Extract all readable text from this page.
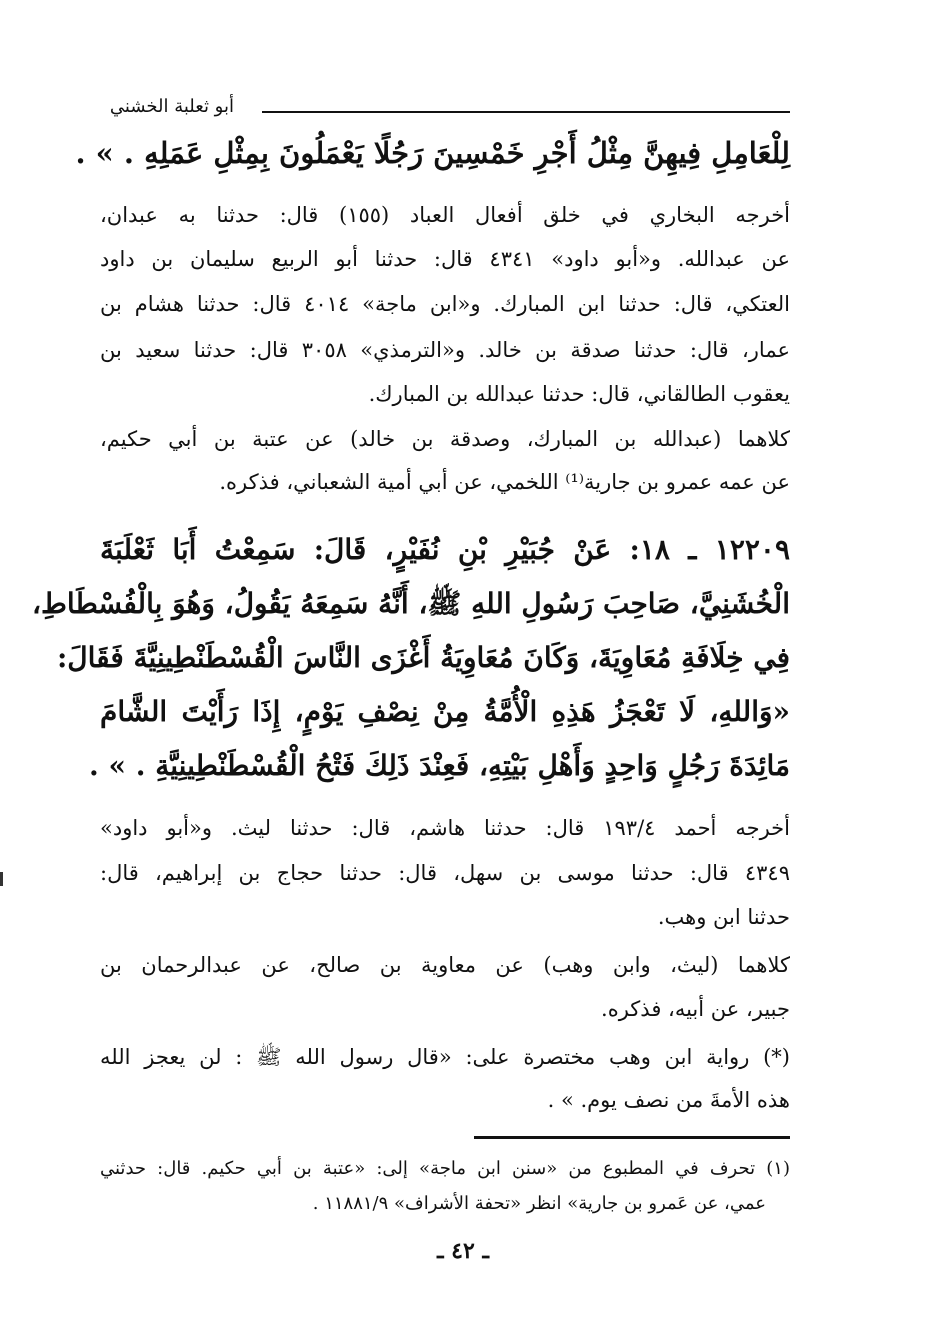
أبو ثعلبة الخشني
لِلْعَامِلِ فِيهِنَّ مِثْلُ أَجْرِ خَمْسِينَ رَجُلًا يَعْمَلُونَ بِمِثْلِ عَمَلِهِ . » .
أخرجه البخاري في خلق أفعال العباد (١٥٥) قال: حدثنا به عبدان،
عن عبدالله. و«أبو داود» ٤٣٤١ قال: حدثنا أبو الربيع سليمان بن داود
العتكي، قال: حدثنا ابن المبارك. و«ابن ماجة» ٤٠١٤ قال: حدثنا هشام بن
عمار، قال: حدثنا صدقة بن خالد. و«الترمذي» ٣٠٥٨ قال: حدثنا سعيد بن
يعقوب الطالقاني، قال: حدثنا عبدالله بن المبارك.
كلاهما (عبدالله بن المبارك، وصدقة بن خالد) عن عتبة بن أبي حكيم،
عن عمه عمرو بن جارية⁽¹⁾ اللخمي، عن أبي أمية الشعباني، فذكره.
١٢٢٠٩ ـ ١٨: عَنْ جُبَيْرِ بْنِ نُفَيْرٍ، قَالَ: سَمِعْتُ أَبَا ثَعْلَبَةَ
الْخُشَنِيَّ، صَاحِبَ رَسُولِ اللهِ ﷺ، أَنَّهُ سَمِعَهُ يَقُولُ، وَهُوَ بِالْفُسْطَاطِ،
فِي خِلَافَةِ مُعَاوِيَةَ، وَكَانَ مُعَاوِيَةُ أَغْزَى النَّاسَ الْقُسْطَنْطِينِيَّةَ فَقَالَ:
«وَاللهِ، لَا تَعْجَزُ هَذِهِ الْأُمَّةُ مِنْ نِصْفِ يَوْمٍ، إِذَا رَأَيْتَ الشَّامَ
مَائِدَةَ رَجُلٍ وَاحِدٍ وَأَهْلِ بَيْتِهِ، فَعِنْدَ ذَلِكَ فَتْحُ الْقُسْطَنْطِينِيَّةِ . » .
أخرجه أحمد ١٩٣/٤ قال: حدثنا هاشم، قال: حدثنا ليث. و«أبو داود»
٤٣٤٩ قال: حدثنا موسى بن سهل، قال: حدثنا حجاج بن إبراهيم، قال:
حدثنا ابن وهب.
كلاهما (ليث، وابن وهب) عن معاوية بن صالح، عن عبدالرحمان بن
جبير، عن أبيه، فذكره.
(*) رواية ابن وهب مختصرة على: «قال رسول الله ﷺ : لن يعجز الله
هذه الأمةَ من نصف يوم. » .
(١) تحرف في المطبوع من «سنن ابن ماجة» إلى: «عتبة بن أبي حكيم. قال: حدثني
عمي، عن عَمرو بن جارية» انظر «تحفة الأشراف» ١١٨٨١/٩ .
ـ ٤٢ ـ
